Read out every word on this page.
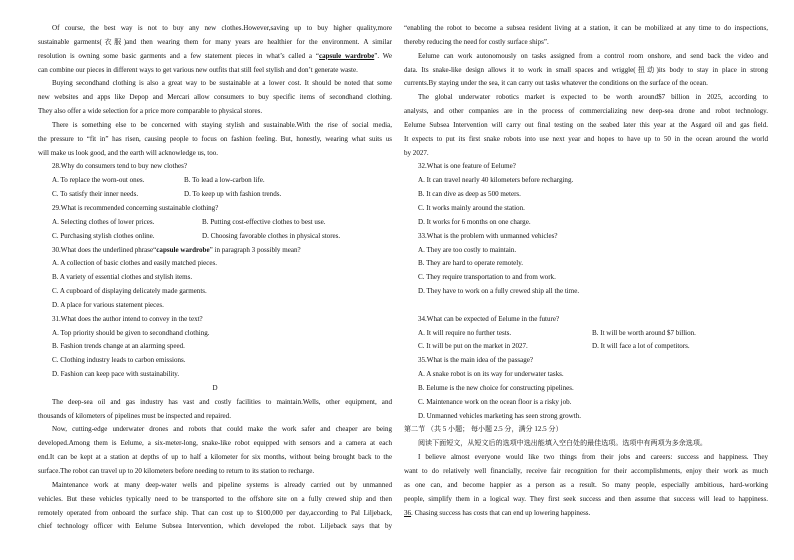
Of course, the best way is not to buy any new clothes.However,saving up to buy higher quality,more
sustainable garments(衣服)and then wearing them for many years are healthier for the environment. A similar
resolution is owning some basic garments and a few statement pieces in what’s called a “capsule wardrobe”. We
can combine our pieces in different ways to get various new outfits that still feel stylish and don’t generate waste.
Buying secondhand clothing is also a great way to be sustainable at a lower cost. It should be noted that some
new websites and apps like Depop and Mercari allow consumers to buy specific items of secondhand clothing.
They also offer a wide selection for a price more comparable to physical stores.
There is something else to be concerned with staying stylish and sustainable.With the rise of social media,
the pressure to “fit in” has risen, causing people to focus on fashion feeling. But, honestly, wearing what suits us
will make us look good, and the earth will acknowledge us, too.
28.Why do consumers tend to buy new clothes?
A. To replace the worn-out ones.	B. To lead a low-carbon life.
C. To satisfy their inner needs.	D. To keep up with fashion trends.
29.What is recommended concerning sustainable clothing?
A. Selecting clothes of lower prices.	B. Putting cost-effective clothes to best use.
C. Purchasing stylish clothes online.	D. Choosing favorable clothes in physical stores.
30.What does the underlined phrase“capsule wardrobe” in paragraph 3 possibly mean?
A. A collection of basic clothes and easily matched pieces.
B. A variety of essential clothes and stylish items.
C. A cupboard of displaying delicately made garments.
D. A place for various statement pieces.
31.What does the author intend to convey in the text?
A. Top priority should be given to secondhand clothing.
B. Fashion trends change at an alarming speed.
C. Clothing industry leads to carbon emissions.
D. Fashion can keep pace with sustainability.
D
The deep-sea oil and gas industry has vast and costly facilities to maintain.Wells, other equipment, and
thousands of kilometers of pipelines must be inspected and repaired.
Now, cutting-edge underwater drones and robots that could make the work safer and cheaper are being
developed.Among them is Eelume, a six-meter-long, snake-like robot equipped with sensors and a camera at each
end.It can be kept at a station at depths of up to half a kilometer for six months, without being brought back to the
surface.The robot can travel up to 20 kilometers before needing to return to its station to recharge.
Maintenance work at many deep-water wells and pipeline systems is already carried out by unmanned
vehicles. But these vehicles typically need to be transported to the offshore site on a fully crewed ship and then
remotely operated from onboard the surface ship. That can cost up to $100,000 per day,according to Pal Liljeback,
chief technology officer with Eelume Subsea Intervention, which developed the robot. Liljeback says that by
“enabling the robot to become a subsea resident living at a station, it can be mobilized at any time to do inspections,
thereby reducing the need for costly surface ships”.
Eelume can work autonomously on tasks assigned from a control room onshore, and send back the video and
data. Its snake-like design allows it to work in small spaces and wriggle(扭动)its body to stay in place in strong
currents.By staying under the sea, it can carry out tasks whatever the conditions on the surface of the ocean.
The global underwater robotics market is expected to be worth around$7 billion in 2025, according to
analysts, and other companies are in the process of commercializing new deep-sea drone and robot technology.
Eelume Subsea Intervention will carry out final testing on the seabed later this year at the Asgard oil and gas field.
It expects to put its first snake robots into use next year and hopes to have up to 50 in the ocean around the world
by 2027.
32.What is one feature of Eelume?
A. It can travel nearly 40 kilometers before recharging.
B. It can dive as deep as 500 meters.
C. It works mainly around the station.
D. It works for 6 months on one charge.
33.What is the problem with unmanned vehicles?
A. They are too costly to maintain.
B. They are hard to operate remotely.
C. They require transportation to and from work.
D. They have to work on a fully crewed ship all the time.
34.What can be expected of Eelume in the future?
A. It will require no further tests.	B. It will be worth around $7 billion.
C. It will be put on the market in 2027.	D. It will face a lot of competitors.
35.What is the main idea of the passage?
A. A snake robot is on its way for underwater tasks.
B. Eelume is the new choice for constructing pipelines.
C. Maintenance work on the ocean floor is a risky job.
D. Unmanned vehicles marketing has seen strong growth.
第二节 （共 5 小题； 每小题 2.5 分，满分 12.5 分）
阅读下面短文，从短文后的选项中选出能填入空白处的最佳选项。选项中有两项为多余选项。
I believe almost everyone would like two things from their jobs and careers: success and happiness. They
want to do relatively well financially, receive fair recognition for their accomplishments, enjoy their work as much
as one can, and become happier as a person as a result. So many people, especially ambitious, hard-working
people, simplify them in a logical way. They first seek success and then assume that success will lead to happiness.
36. Chasing success has costs that can end up lowering happiness.
